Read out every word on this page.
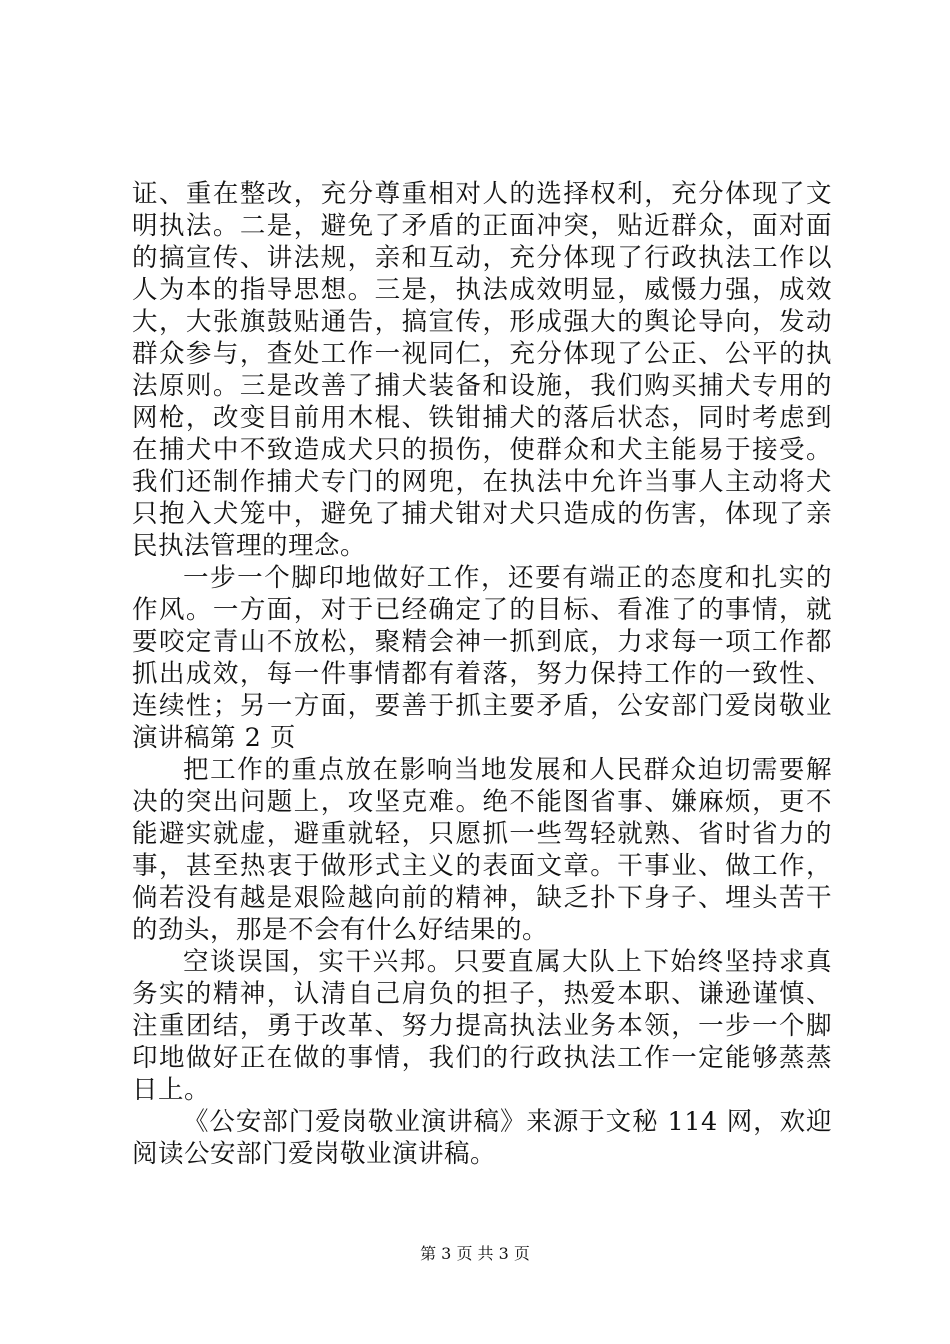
证、重在整改，充分尊重相对人的选择权利，充分体现了文明执法。二是，避免了矛盾的正面冲突，贴近群众，面对面的搞宣传、讲法规，亲和互动，充分体现了行政执法工作以人为本的指导思想。三是，执法成效明显，威慑力强，成效大，大张旗鼓贴通告，搞宣传，形成强大的舆论导向，发动群众参与，查处工作一视同仁，充分体现了公正、公平的执法原则。三是改善了捕犬装备和设施，我们购买捕犬专用的网枪，改变目前用木棍、铁钳捕犬的落后状态，同时考虑到在捕犬中不致造成犬只的损伤，使群众和犬主能易于接受。我们还制作捕犬专门的网兜，在执法中允许当事人主动将犬只抱入犬笼中，避免了捕犬钳对犬只造成的伤害，体现了亲民执法管理的理念。

一步一个脚印地做好工作，还要有端正的态度和扎实的作风。一方面，对于已经确定了的目标、看准了的事情，就要咬定青山不放松，聚精会神一抓到底，力求每一项工作都抓出成效，每一件事情都有着落，努力保持工作的一致性、连续性；另一方面，要善于抓主要矛盾，公安部门爱岗敬业演讲稿第 2 页

把工作的重点放在影响当地发展和人民群众迫切需要解决的突出问题上，攻坚克难。绝不能图省事、嫌麻烦，更不能避实就虚，避重就轻，只愿抓一些驾轻就熟、省时省力的事，甚至热衷于做形式主义的表面文章。干事业、做工作，倘若没有越是艰险越向前的精神，缺乏扑下身子、埋头苦干的劲头，那是不会有什么好结果的。

空谈误国，实干兴邦。只要直属大队上下始终坚持求真务实的精神，认清自己肩负的担子，热爱本职、谦逊谨慎、注重团结，勇于改革、努力提高执法业务本领，一步一个脚印地做好正在做的事情，我们的行政执法工作一定能够蒸蒸日上。

《公安部门爱岗敬业演讲稿》来源于文秘 114 网，欢迎阅读公安部门爱岗敬业演讲稿。

第 3 页 共 3 页
